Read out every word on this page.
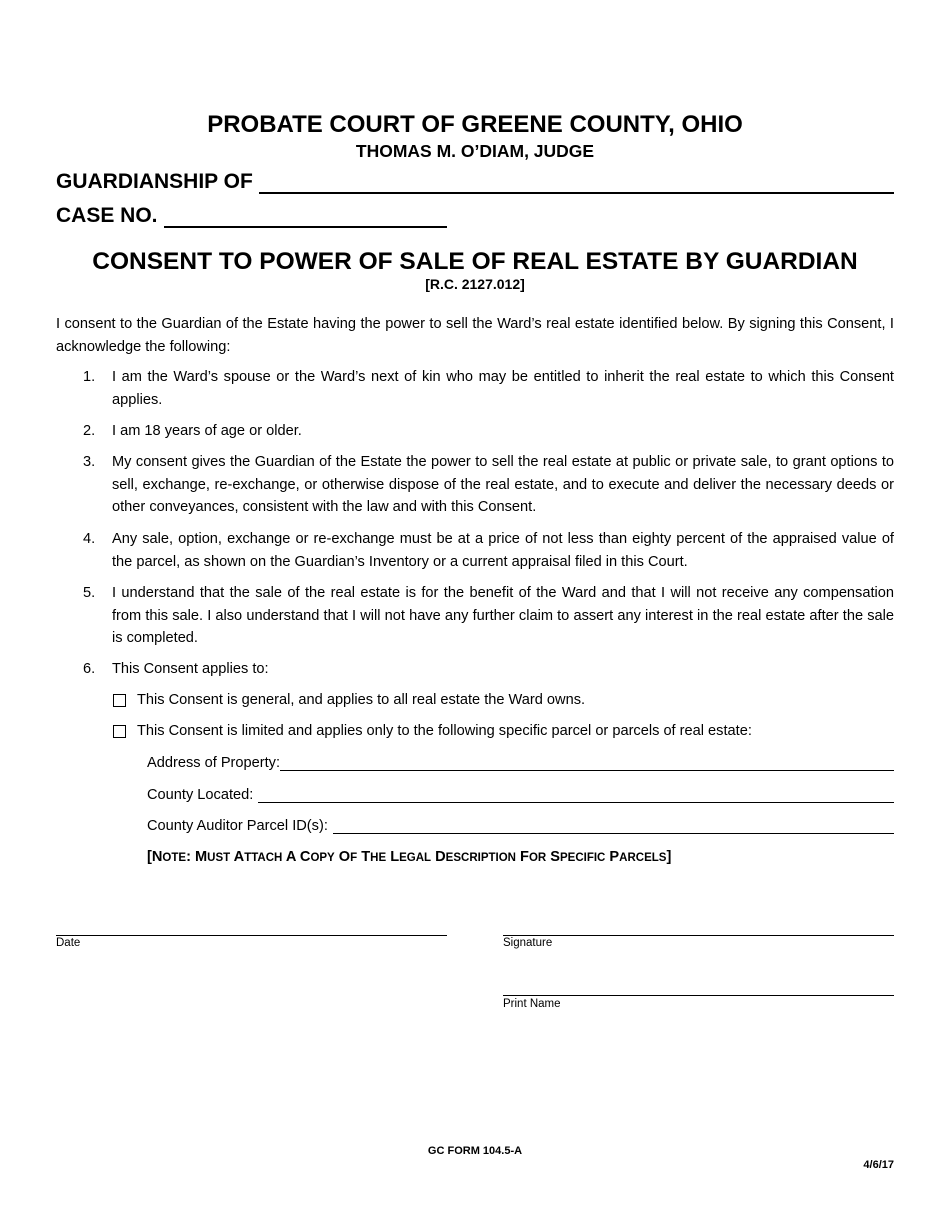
PROBATE COURT OF GREENE COUNTY, OHIO
THOMAS M. O’DIAM, JUDGE
GUARDIANSHIP OF
CASE NO.
CONSENT TO POWER OF SALE OF REAL ESTATE BY GUARDIAN
[R.C. 2127.012]
I consent to the Guardian of the Estate having the power to sell the Ward’s real estate identified below. By signing this Consent, I acknowledge the following:
1. I am the Ward’s spouse or the Ward’s next of kin who may be entitled to inherit the real estate to which this Consent applies.
2. I am 18 years of age or older.
3. My consent gives the Guardian of the Estate the power to sell the real estate at public or private sale, to grant options to sell, exchange, re-exchange, or otherwise dispose of the real estate, and to execute and deliver the necessary deeds or other conveyances, consistent with the law and with this Consent.
4. Any sale, option, exchange or re-exchange must be at a price of not less than eighty percent of the appraised value of the parcel, as shown on the Guardian’s Inventory or a current appraisal filed in this Court.
5. I understand that the sale of the real estate is for the benefit of the Ward and that I will not receive any compensation from this sale. I also understand that I will not have any further claim to assert any interest in the real estate after the sale is completed.
6. This Consent applies to:
This Consent is general, and applies to all real estate the Ward owns.
This Consent is limited and applies only to the following specific parcel or parcels of real estate:
Address of Property:
County Located:
County Auditor Parcel ID(s):
[NOTE: MUST ATTACH A COPY OF THE LEGAL DESCRIPTION FOR SPECIFIC PARCELS]
Date	Signature
Print Name
GC FORM 104.5-A
4/6/17
